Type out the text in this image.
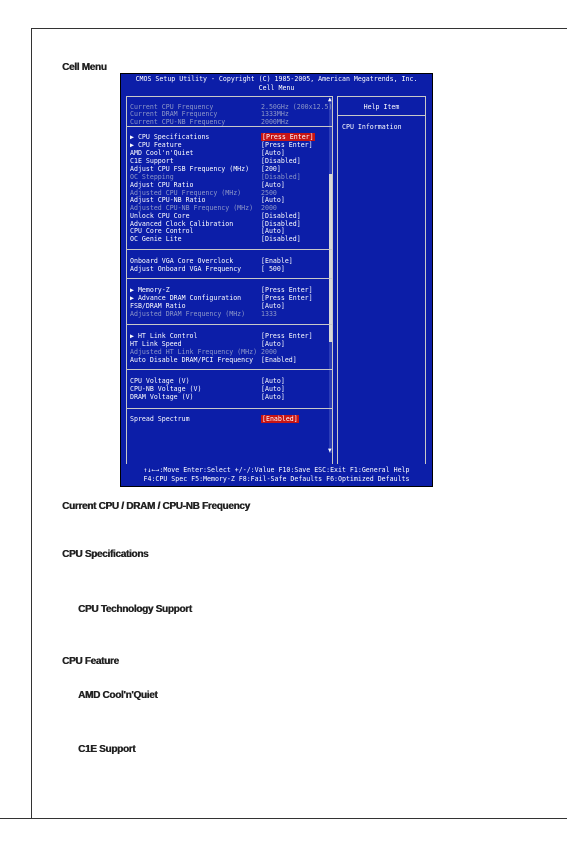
Cell Menu
CMOS Setup Utility - Copyright (C) 1985-2005, American Megatrends, Inc.
Cell Menu
▲
▼
Help Item
CPU Information
Current CPU Frequency	2.50GHz (200x12.5)
Current DRAM Frequency	1333MHz
Current CPU-NB Frequency	2000MHz
▶ CPU Specifications	[Press Enter]
▶ CPU Feature	[Press Enter]
AMD Cool'n'Quiet	[Auto]
C1E Support	[Disabled]
Adjust CPU FSB Frequency (MHz) [200]
OC Stepping	[Disabled]
Adjust CPU Ratio	[Auto]
Adjusted CPU Frequency (MHz)	2500
Adjust CPU-NB Ratio	[Auto]
Adjusted CPU-NB Frequency (MHz) 2000
Unlock CPU Core	[Disabled]
Advanced Clock Calibration	[Disabled]
CPU Core Control	[Auto]
OC Genie Lite	[Disabled]
Onboard VGA Core Overclock	[Enable]
Adjust Onboard VGA Frequency	[ 500]
▶ Memory-Z	[Press Enter]
▶ Advance DRAM Configuration	[Press Enter]
FSB/DRAM Ratio	[Auto]
Adjusted DRAM Frequency (MHz) 1333
▶ HT Link Control	[Press Enter]
HT Link Speed	[Auto]
Adjusted HT Link Frequency (MHz) 2000
Auto Disable DRAM/PCI Frequency [Enabled]
CPU Voltage (V)	[Auto]
CPU-NB Voltage (V)	[Auto]
DRAM Voltage (V)	[Auto]
Spread Spectrum	[Enabled]
↑↓←→:Move Enter:Select +/-/:Value F10:Save ESC:Exit F1:General Help
F4:CPU Spec F5:Memory-Z F8:Fail-Safe Defaults F6:Optimized Defaults
Current CPU / DRAM / CPU-NB Frequency
CPU Specifications
CPU Technology Support
CPU Feature
AMD Cool'n'Quiet
C1E Support
